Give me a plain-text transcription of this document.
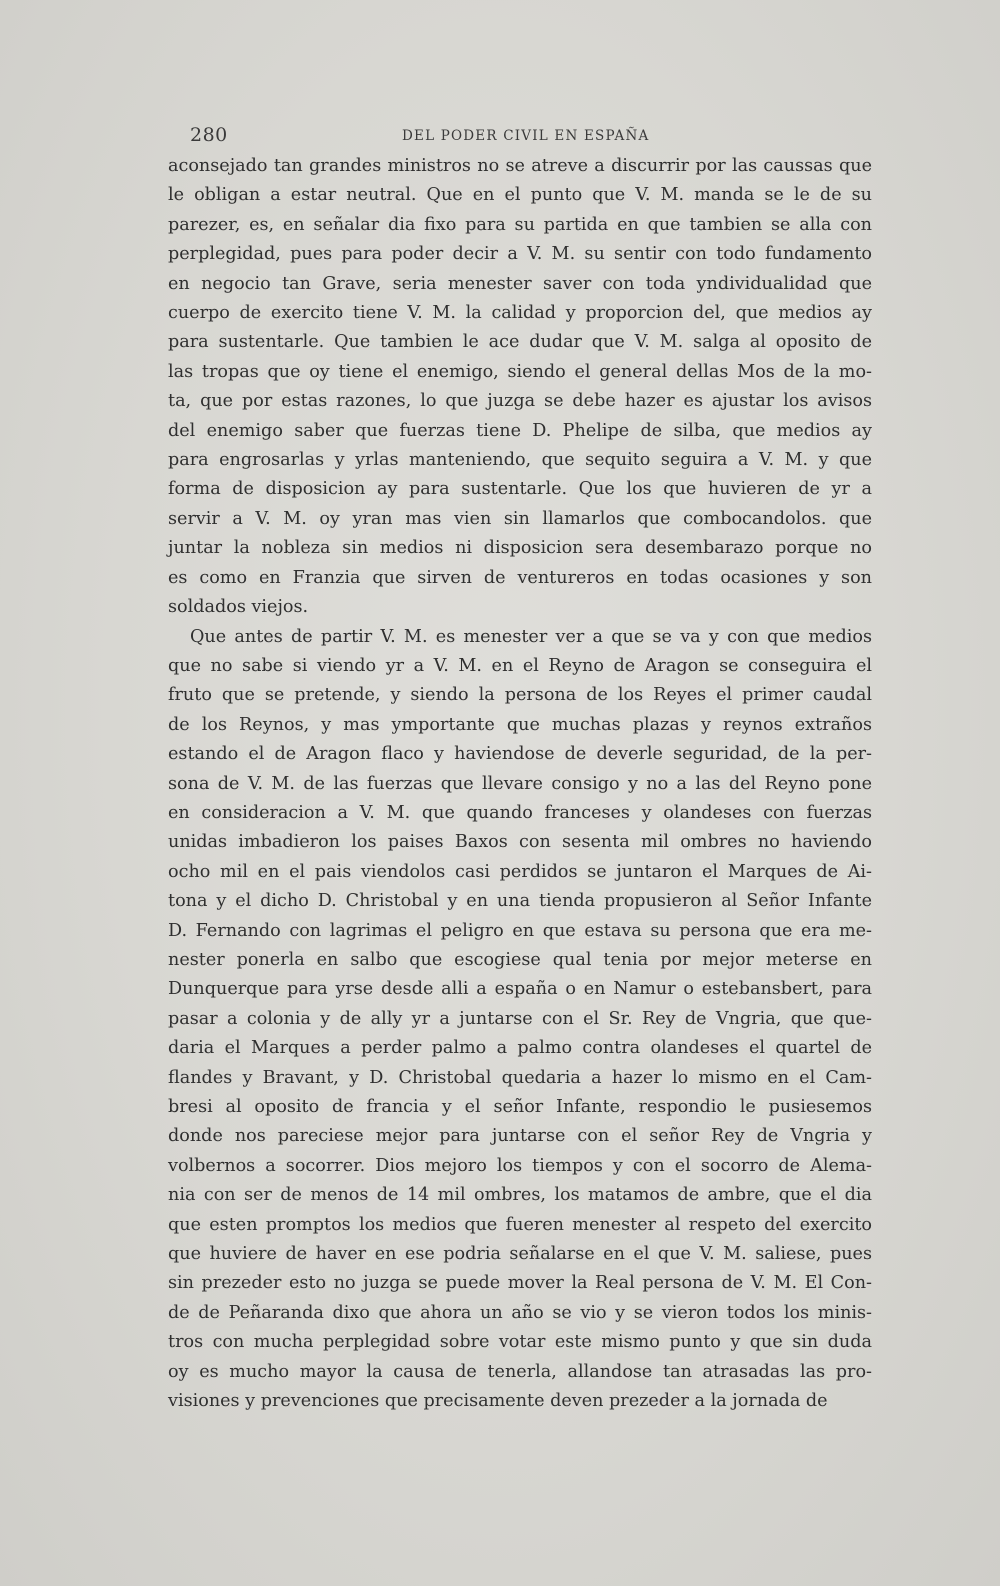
280	DEL PODER CIVIL EN ESPAÑA
aconsejado tan grandes ministros no se atreve a discurrir por las caussas que
le obligan a estar neutral. Que en el punto que V. M. manda se le de su
parezer, es, en señalar dia fixo para su partida en que tambien se alla con
perplegidad, pues para poder decir a V. M. su sentir con todo fundamento
en negocio tan Grave, seria menester saver con toda yndividualidad que
cuerpo de exercito tiene V. M. la calidad y proporcion del, que medios ay
para sustentarle. Que tambien le ace dudar que V. M. salga al oposito de
las tropas que oy tiene el enemigo, siendo el general dellas Mos de la mo-
ta, que por estas razones, lo que juzga se debe hazer es ajustar los avisos
del enemigo saber que fuerzas tiene D. Phelipe de silba, que medios ay
para engrosarlas y yrlas manteniendo, que sequito seguira a V. M. y que
forma de disposicion ay para sustentarle. Que los que huvieren de yr a
servir a V. M. oy yran mas vien sin llamarlos que combocandolos. que
juntar la nobleza sin medios ni disposicion sera desembarazo porque no
es como en Franzia que sirven de ventureros en todas ocasiones y son
soldados viejos.
Que antes de partir V. M. es menester ver a que se va y con que medios
que no sabe si viendo yr a V. M. en el Reyno de Aragon se conseguira el
fruto que se pretende, y siendo la persona de los Reyes el primer caudal
de los Reynos, y mas ymportante que muchas plazas y reynos extraños
estando el de Aragon flaco y haviendose de deverle seguridad, de la per-
sona de V. M. de las fuerzas que llevare consigo y no a las del Reyno pone
en consideracion a V. M. que quando franceses y olandeses con fuerzas
unidas imbadieron los paises Baxos con sesenta mil ombres no haviendo
ocho mil en el pais viendolos casi perdidos se juntaron el Marques de Ai-
tona y el dicho D. Christobal y en una tienda propusieron al Señor Infante
D. Fernando con lagrimas el peligro en que estava su persona que era me-
nester ponerla en salbo que escogiese qual tenia por mejor meterse en
Dunquerque para yrse desde alli a españa o en Namur o estebansbert, para
pasar a colonia y de ally yr a juntarse con el Sr. Rey de Vngria, que que-
daria el Marques a perder palmo a palmo contra olandeses el quartel de
flandes y Bravant, y D. Christobal quedaria a hazer lo mismo en el Cam-
bresi al oposito de francia y el señor Infante, respondio le pusiesemos
donde nos pareciese mejor para juntarse con el señor Rey de Vngria y
volbernos a socorrer. Dios mejoro los tiempos y con el socorro de Alema-
nia con ser de menos de 14 mil ombres, los matamos de ambre, que el dia
que esten promptos los medios que fueren menester al respeto del exercito
que huviere de haver en ese podria señalarse en el que V. M. saliese, pues
sin prezeder esto no juzga se puede mover la Real persona de V. M. El Con-
de de Peñaranda dixo que ahora un año se vio y se vieron todos los minis-
tros con mucha perplegidad sobre votar este mismo punto y que sin duda
oy es mucho mayor la causa de tenerla, allandose tan atrasadas las pro-
visiones y prevenciones que precisamente deven prezeder a la jornada de
